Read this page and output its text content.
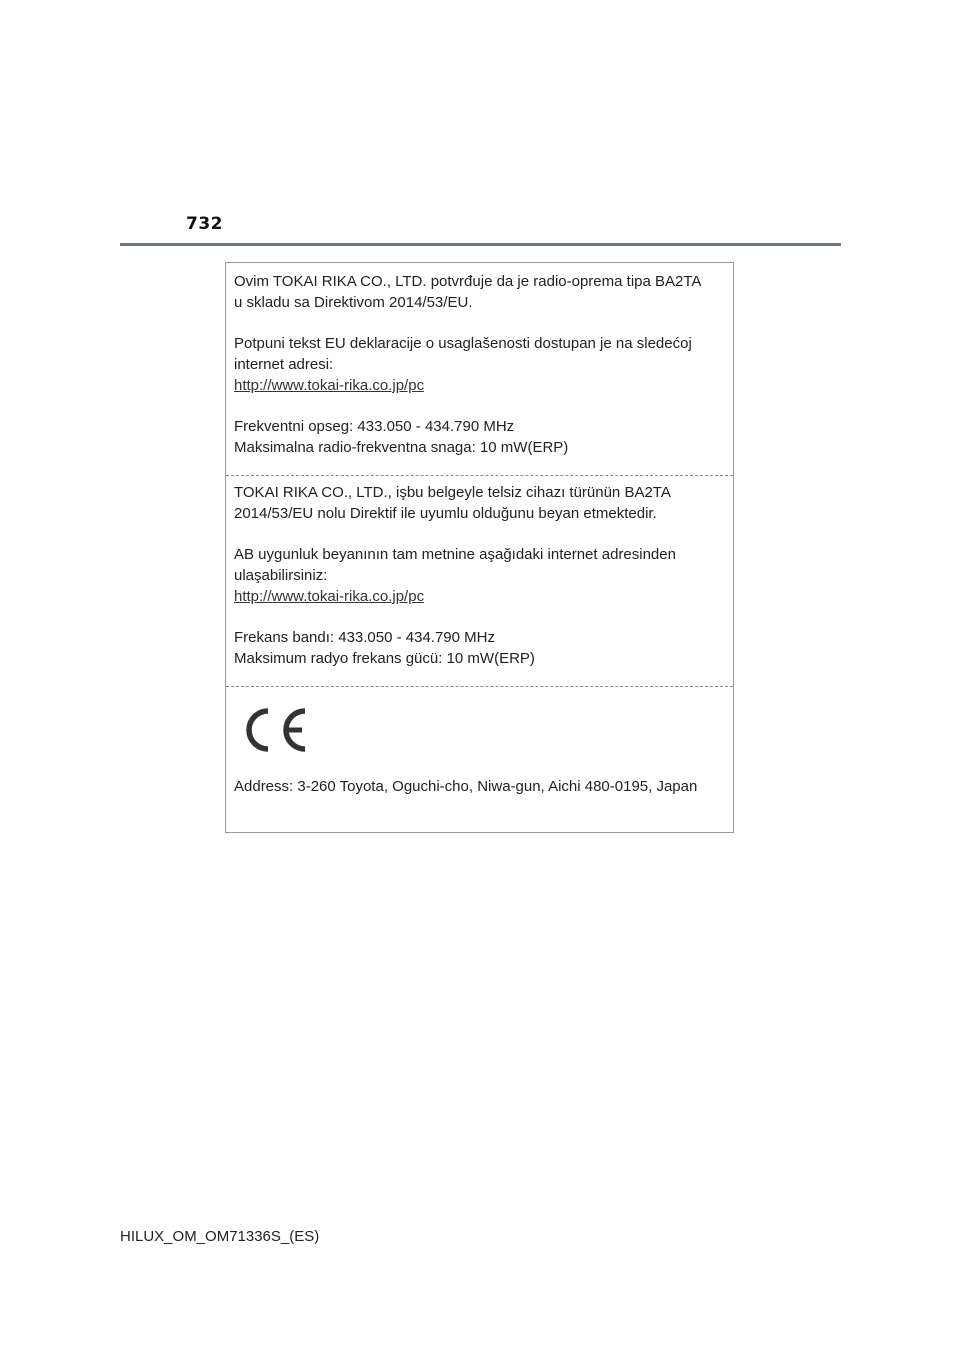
732

Ovim TOKAI RIKA CO., LTD. potvrđuje da je radio-oprema tipa BA2TA
u skladu sa Direktivom 2014/53/EU.

Potpuni tekst EU deklaracije o usaglašenosti dostupan je na sledećoj
internet adresi:
http://www.tokai-rika.co.jp/pc

Frekventni opseg: 433.050 - 434.790 MHz
Maksimalna radio-frekventna snaga: 10 mW(ERP)

TOKAI RIKA CO., LTD., işbu belgeyle telsiz cihazı türünün BA2TA
2014/53/EU nolu Direktif ile uyumlu olduğunu beyan etmektedir.

AB uygunluk beyanının tam metnine aşağıdaki internet adresinden
ulaşabilirsiniz:
http://www.tokai-rika.co.jp/pc

Frekans bandı: 433.050 - 434.790 MHz
Maksimum radyo frekans gücü: 10 mW(ERP)

Address: 3-260 Toyota, Oguchi-cho, Niwa-gun, Aichi 480-0195, Japan

HILUX_OM_OM71336S_(ES)
